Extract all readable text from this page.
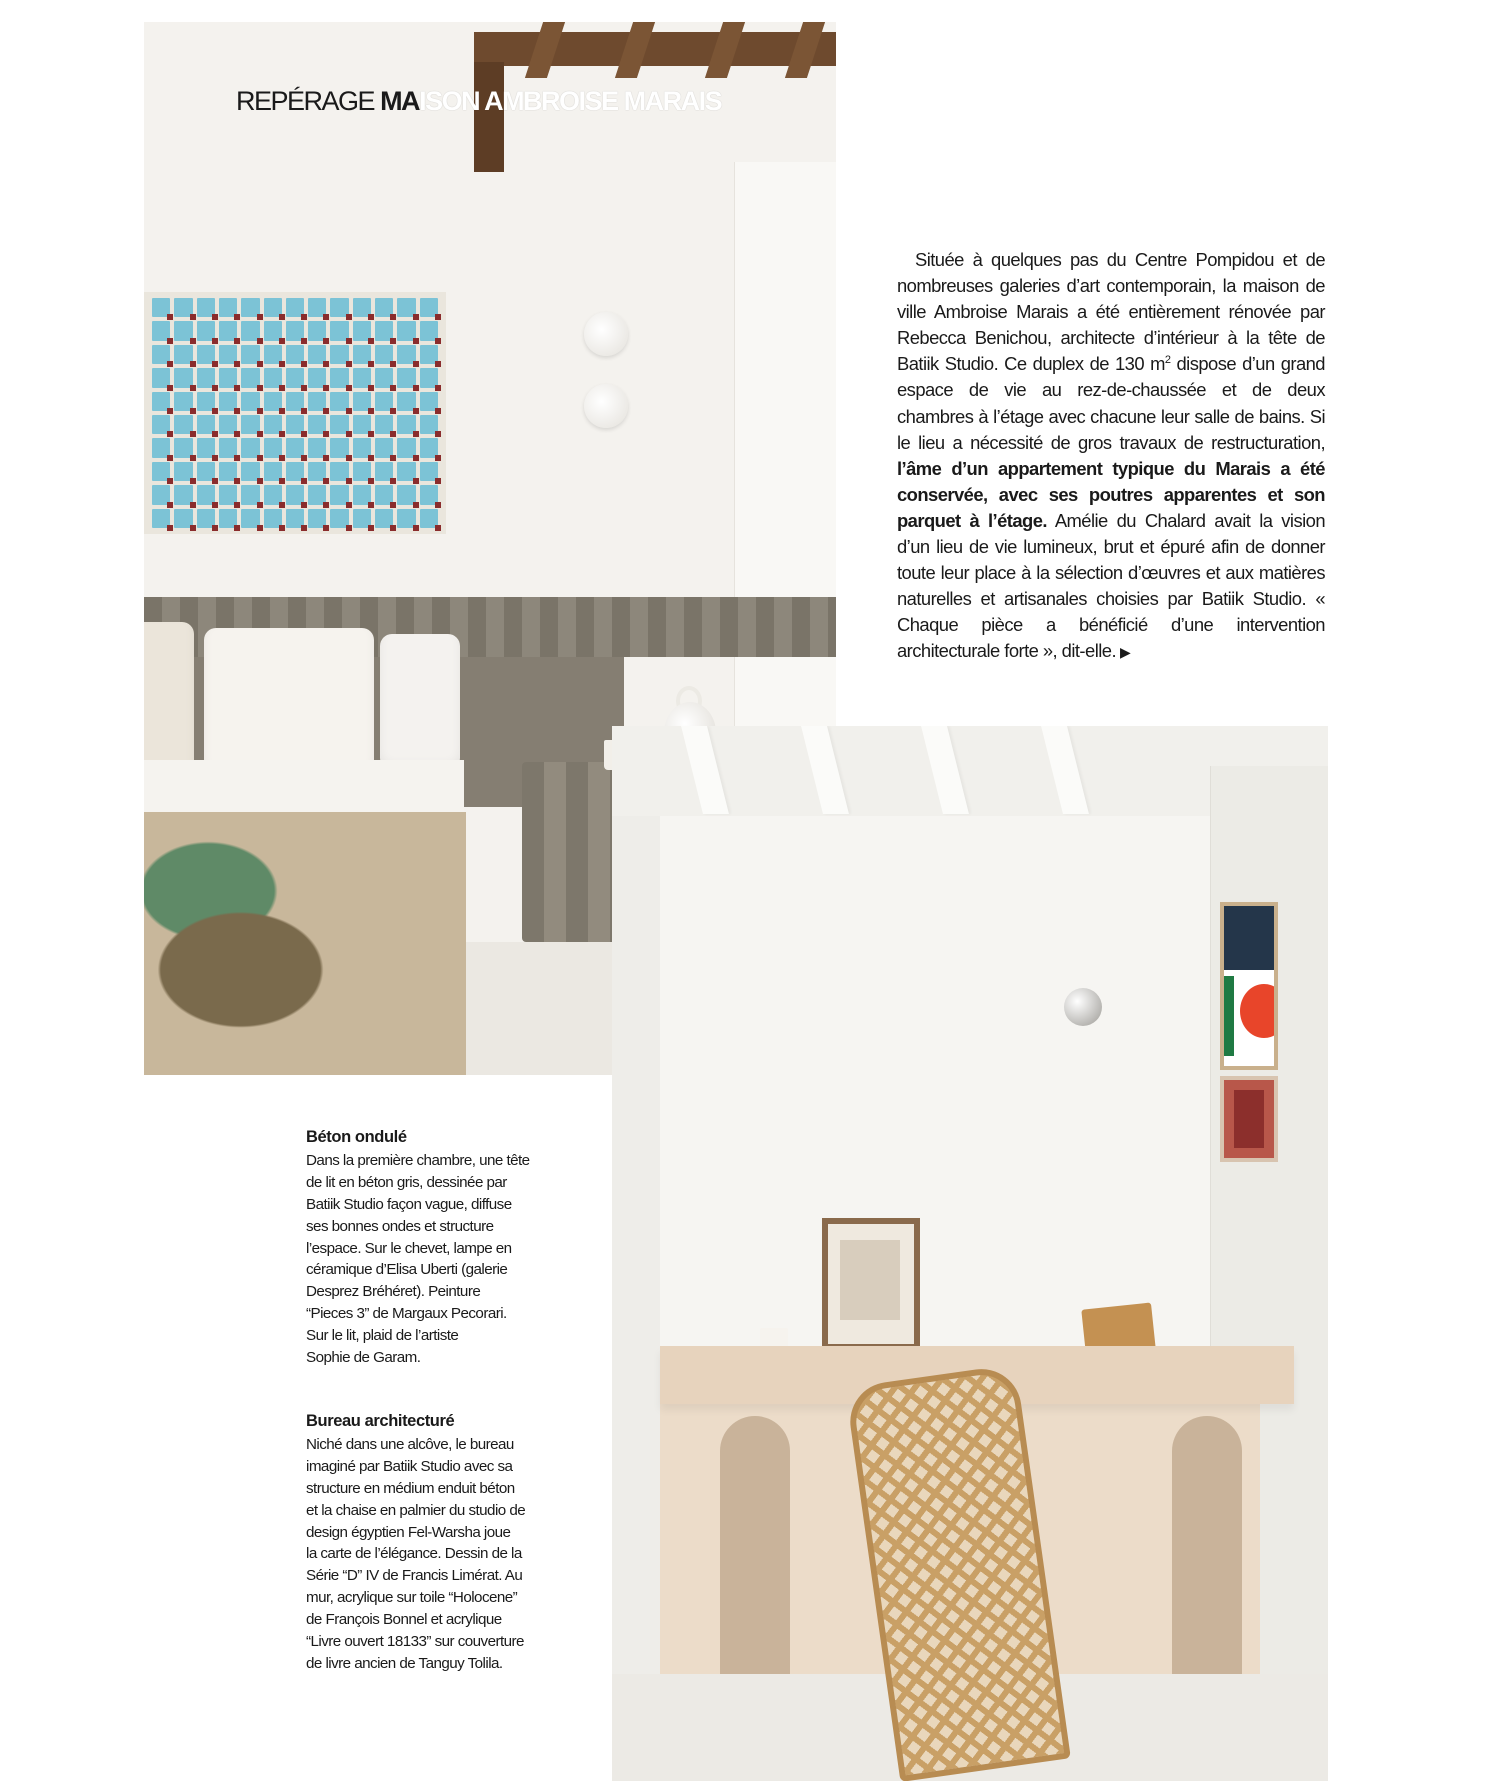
REPÉRAGE MAISON AMBROISE MARAIS
Située à quelques pas du Centre Pompidou et de nombreuses galeries d’art contemporain, la maison de ville Ambroise Marais a été entièrement rénovée par Rebecca Benichou, architecte d’intérieur à la tête de Batiik Studio. Ce duplex de 130 $m^2$ dispose d’un grand espace de vie au rez-de-chaussée et de deux chambres à l’étage avec chacune leur salle de bains. Si le lieu a nécessité de gros travaux de restructuration, l’âme d’un appartement typique du Marais a été conservée, avec ses poutres apparentes et son parquet à l’étage. Amélie du Chalard avait la vision d’un lieu de vie lumineux, brut et épuré afin de donner toute leur place à la sélection d’œuvres et aux matières naturelles et artisanales choisies par Batiik Studio. « Chaque pièce a bénéficié d’une intervention architecturale forte », dit-elle. ▶
Béton ondulé
Dans la première chambre, une tête
de lit en béton gris, dessinée par
Batiik Studio façon vague, diffuse
ses bonnes ondes et structure
l’espace. Sur le chevet, lampe en
céramique d’Elisa Uberti (galerie
Desprez Bréhéret). Peinture
“Pieces 3” de Margaux Pecorari.
Sur le lit, plaid de l’artiste
Sophie de Garam.
Bureau architecturé
Niché dans une alcôve, le bureau
imaginé par Batiik Studio avec sa
structure en médium enduit béton
et la chaise en palmier du studio de
design égyptien Fel-Warsha joue
la carte de l’élégance. Dessin de la
Série “D” IV de Francis Limérat. Au
mur, acrylique sur toile “Holocene”
de François Bonnel et acrylique
“Livre ouvert 18133” sur couverture
de livre ancien de Tanguy Tolila.
